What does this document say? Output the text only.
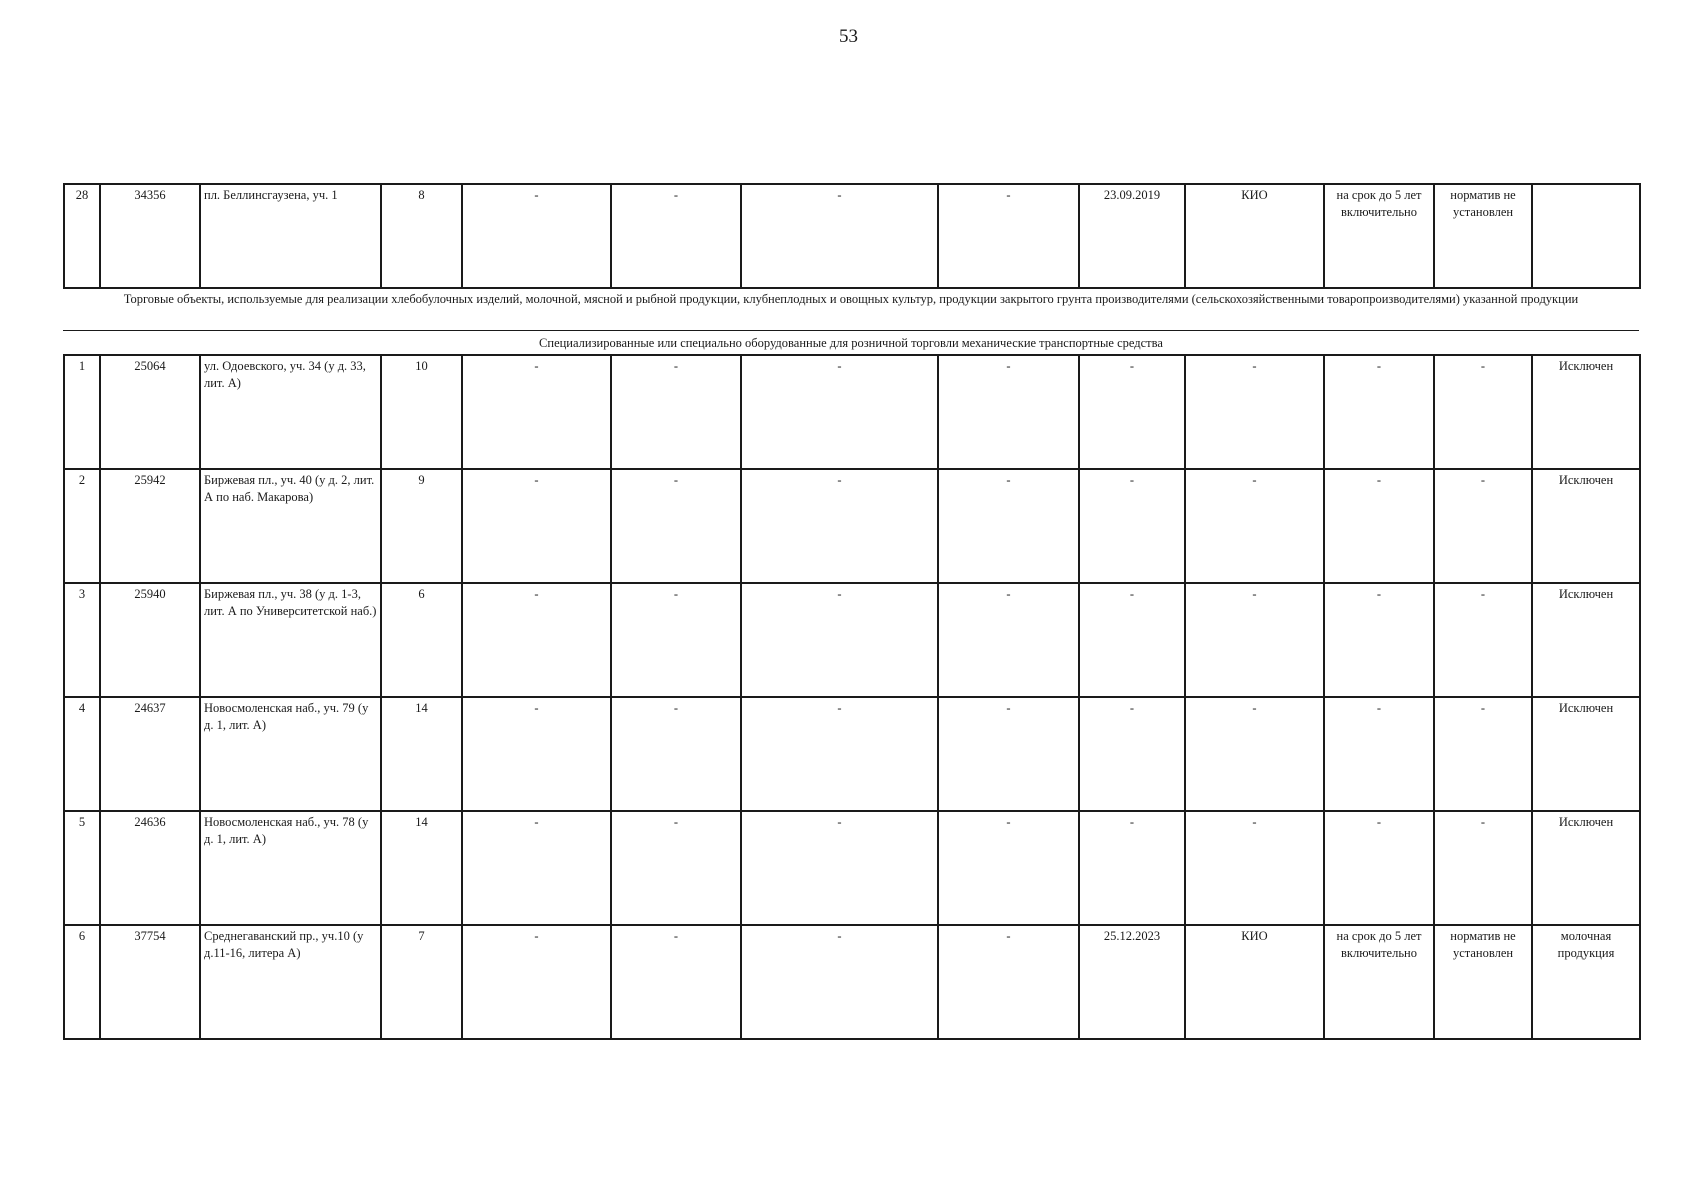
53
28	34356	пл. Беллинсгаузена, уч. 1	8	-	-	-	-	23.09.2019	КИО	на срок до 5 лет включительно	норматив не установлен	
Торговые объекты, используемые для реализации хлебобулочных изделий, молочной, мясной и рыбной продукции, клубнеплодных и овощных культур, продукции закрытого грунта производителями (сельскохозяйственными товаропроизводителями) указанной продукции
Специализированные или специально оборудованные для розничной торговли механические транспортные средства
1	25064	ул. Одоевского, уч. 34 (у д. 33, лит. А)	10	-	-	-	-	-	-	-	-	Исключен
2	25942	Биржевая пл., уч. 40 (у д. 2, лит. А по наб. Макарова)	9	-	-	-	-	-	-	-	-	Исключен
3	25940	Биржевая пл., уч. 38 (у д. 1-3, лит. А по Университетской наб.)	6	-	-	-	-	-	-	-	-	Исключен
4	24637	Новосмоленская наб., уч. 79 (у д. 1, лит. А)	14	-	-	-	-	-	-	-	-	Исключен
5	24636	Новосмоленская наб., уч. 78 (у д. 1, лит. А)	14	-	-	-	-	-	-	-	-	Исключен
6	37754	Среднегаванский пр., уч.10 (у д.11-16, литера А)	7	-	-	-	-	25.12.2023	КИО	на срок до 5 лет включительно	норматив не установлен	молочная продукция
